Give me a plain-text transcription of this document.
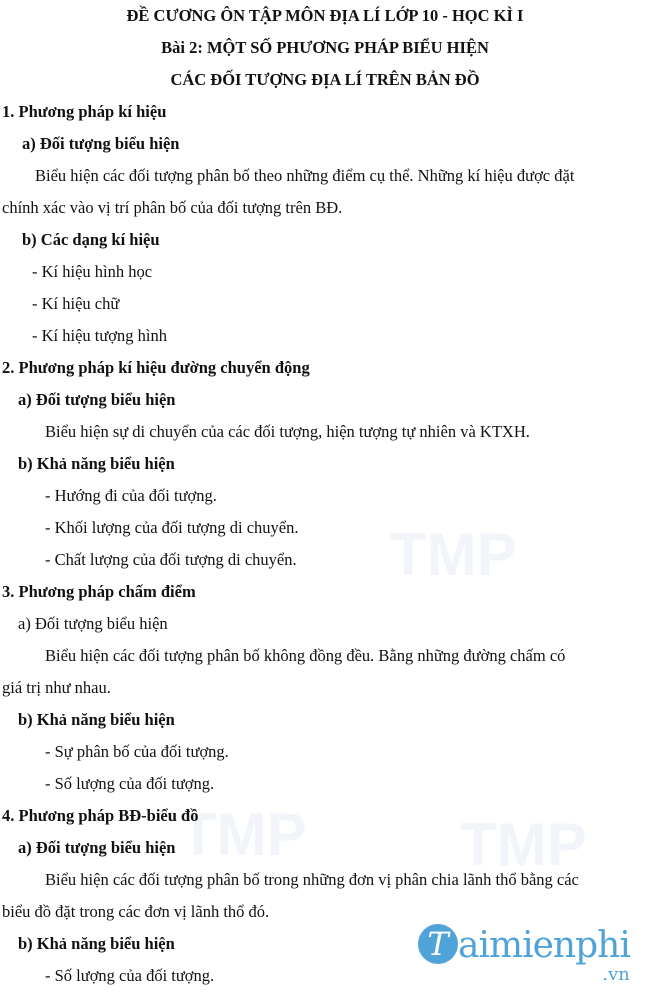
TMP
TMP	TMP
ĐỀ CƯƠNG ÔN TẬP MÔN ĐỊA LÍ LỚP 10 - HỌC KÌ I
Bài 2: MỘT SỐ PHƯƠNG PHÁP BIỂU HIỆN
CÁC ĐỐI TƯỢNG ĐỊA LÍ TRÊN BẢN ĐỒ
1. Phương pháp kí hiệu
a) Đối tượng biểu hiện
Biểu hiện các đối tượng phân bố theo những điểm cụ thể. Những kí hiệu được đặt
chính xác vào vị trí phân bố của đối tượng trên BĐ.
b) Các dạng kí hiệu
- Kí hiệu hình học
- Kí hiệu chữ
- Kí hiệu tượng hình
2. Phương pháp kí hiệu đường chuyển động
a) Đối tượng biểu hiện
Biểu hiện sự di chuyển của các đối tượng, hiện tượng tự nhiên và KTXH.
b) Khả năng biểu hiện
- Hướng đi của đối tượng.
- Khối lượng của đối tượng di chuyển.
- Chất lượng của đối tượng di chuyển.
3. Phương pháp chấm điểm
a) Đối tượng biểu hiện
Biểu hiện các đối tượng phân bố không đồng đều. Bằng những đường chấm có
giá trị như nhau.
b) Khả năng biểu hiện
- Sự phân bố của đối tượng.
- Số lượng của đối tượng.
4. Phương pháp BĐ-biểu đồ
a) Đối tượng biểu hiện
Biểu hiện các đối tượng phân bố trong những đơn vị phân chia lãnh thổ bằng các
biểu đồ đặt trong các đơn vị lãnh thổ đó.
b) Khả năng biểu hiện
- Số lượng của đối tượng.
T aimienphi
.vn
